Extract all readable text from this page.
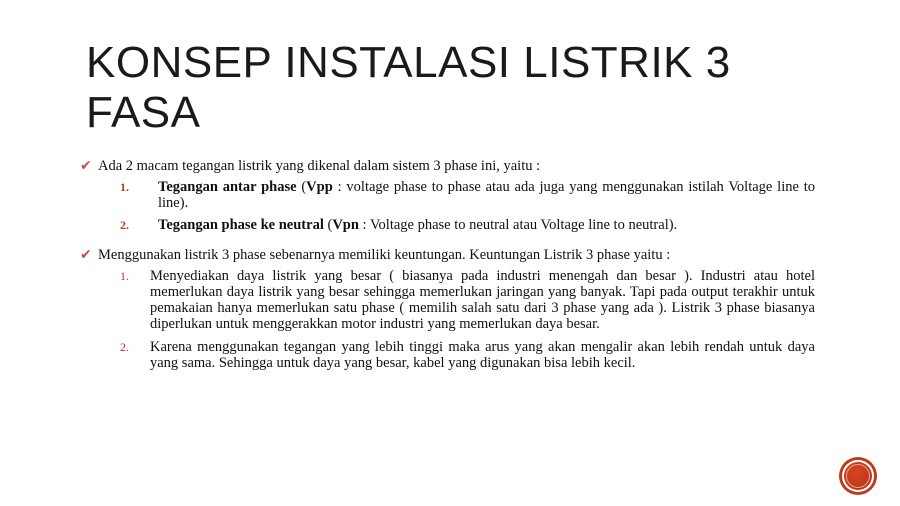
KONSEP INSTALASI LISTRIK 3 FASA
✔ Ada 2 macam tegangan listrik yang dikenal dalam sistem 3 phase ini, yaitu :
1. Tegangan antar phase (Vpp : voltage phase to phase atau ada juga yang menggunakan istilah Voltage line to line).
2. Tegangan phase ke neutral (Vpn : Voltage phase to neutral atau Voltage line to neutral).
✔ Menggunakan listrik 3 phase sebenarnya memiliki keuntungan. Keuntungan Listrik 3 phase yaitu :
1. Menyediakan daya listrik yang besar ( biasanya pada industri menengah dan besar ). Industri atau hotel memerlukan daya listrik yang besar sehingga memerlukan jaringan yang banyak. Tapi pada output terakhir untuk pemakaian hanya memerlukan satu phase ( memilih salah satu dari 3 phase yang ada ). Listrik 3 phase biasanya diperlukan untuk menggerakkan motor industri yang memerlukan daya besar.
2. Karena menggunakan tegangan yang lebih tinggi maka arus yang akan mengalir akan lebih rendah untuk daya yang sama. Sehingga untuk daya yang besar, kabel yang digunakan bisa lebih kecil.
